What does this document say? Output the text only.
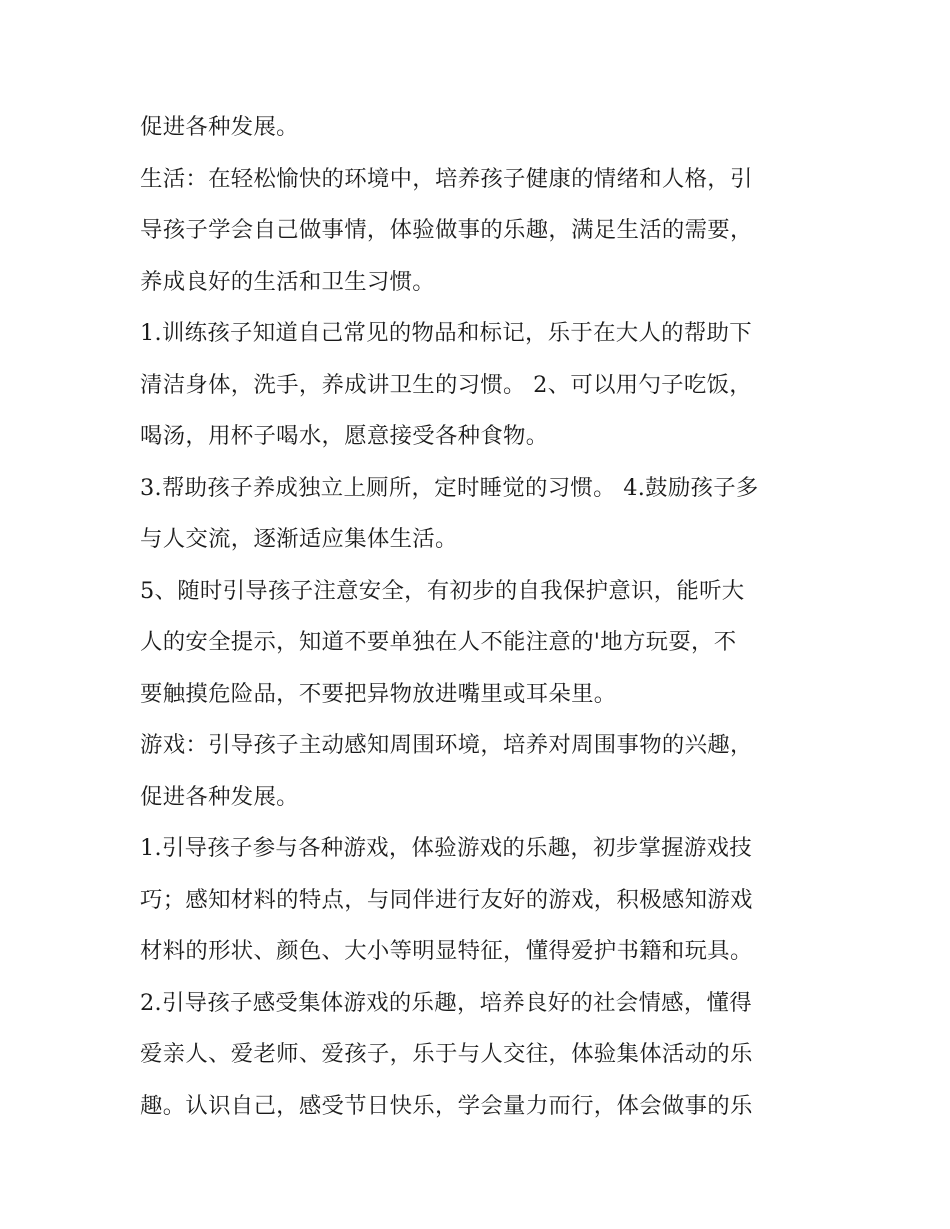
促进各种发展。
生活：在轻松愉快的环境中，培养孩子健康的情绪和人格，引
导孩子学会自己做事情，体验做事的乐趣，满足生活的需要，
养成良好的生活和卫生习惯。
1.训练孩子知道自己常见的物品和标记，乐于在大人的帮助下
清洁身体，洗手，养成讲卫生的习惯。 2、可以用勺子吃饭，
喝汤，用杯子喝水，愿意接受各种食物。
3.帮助孩子养成独立上厕所，定时睡觉的习惯。 4.鼓励孩子多
与人交流，逐渐适应集体生活。
5、随时引导孩子注意安全，有初步的自我保护意识，能听大
人的安全提示，知道不要单独在人不能注意的'地方玩耍，不
要触摸危险品，不要把异物放进嘴里或耳朵里。
游戏：引导孩子主动感知周围环境，培养对周围事物的兴趣，
促进各种发展。
1.引导孩子参与各种游戏，体验游戏的乐趣，初步掌握游戏技
巧；感知材料的特点，与同伴进行友好的游戏，积极感知游戏
材料的形状、颜色、大小等明显特征，懂得爱护书籍和玩具。
2.引导孩子感受集体游戏的乐趣，培养良好的社会情感，懂得
爱亲人、爱老师、爱孩子，乐于与人交往，体验集体活动的乐
趣。认识自己，感受节日快乐，学会量力而行，体会做事的乐
